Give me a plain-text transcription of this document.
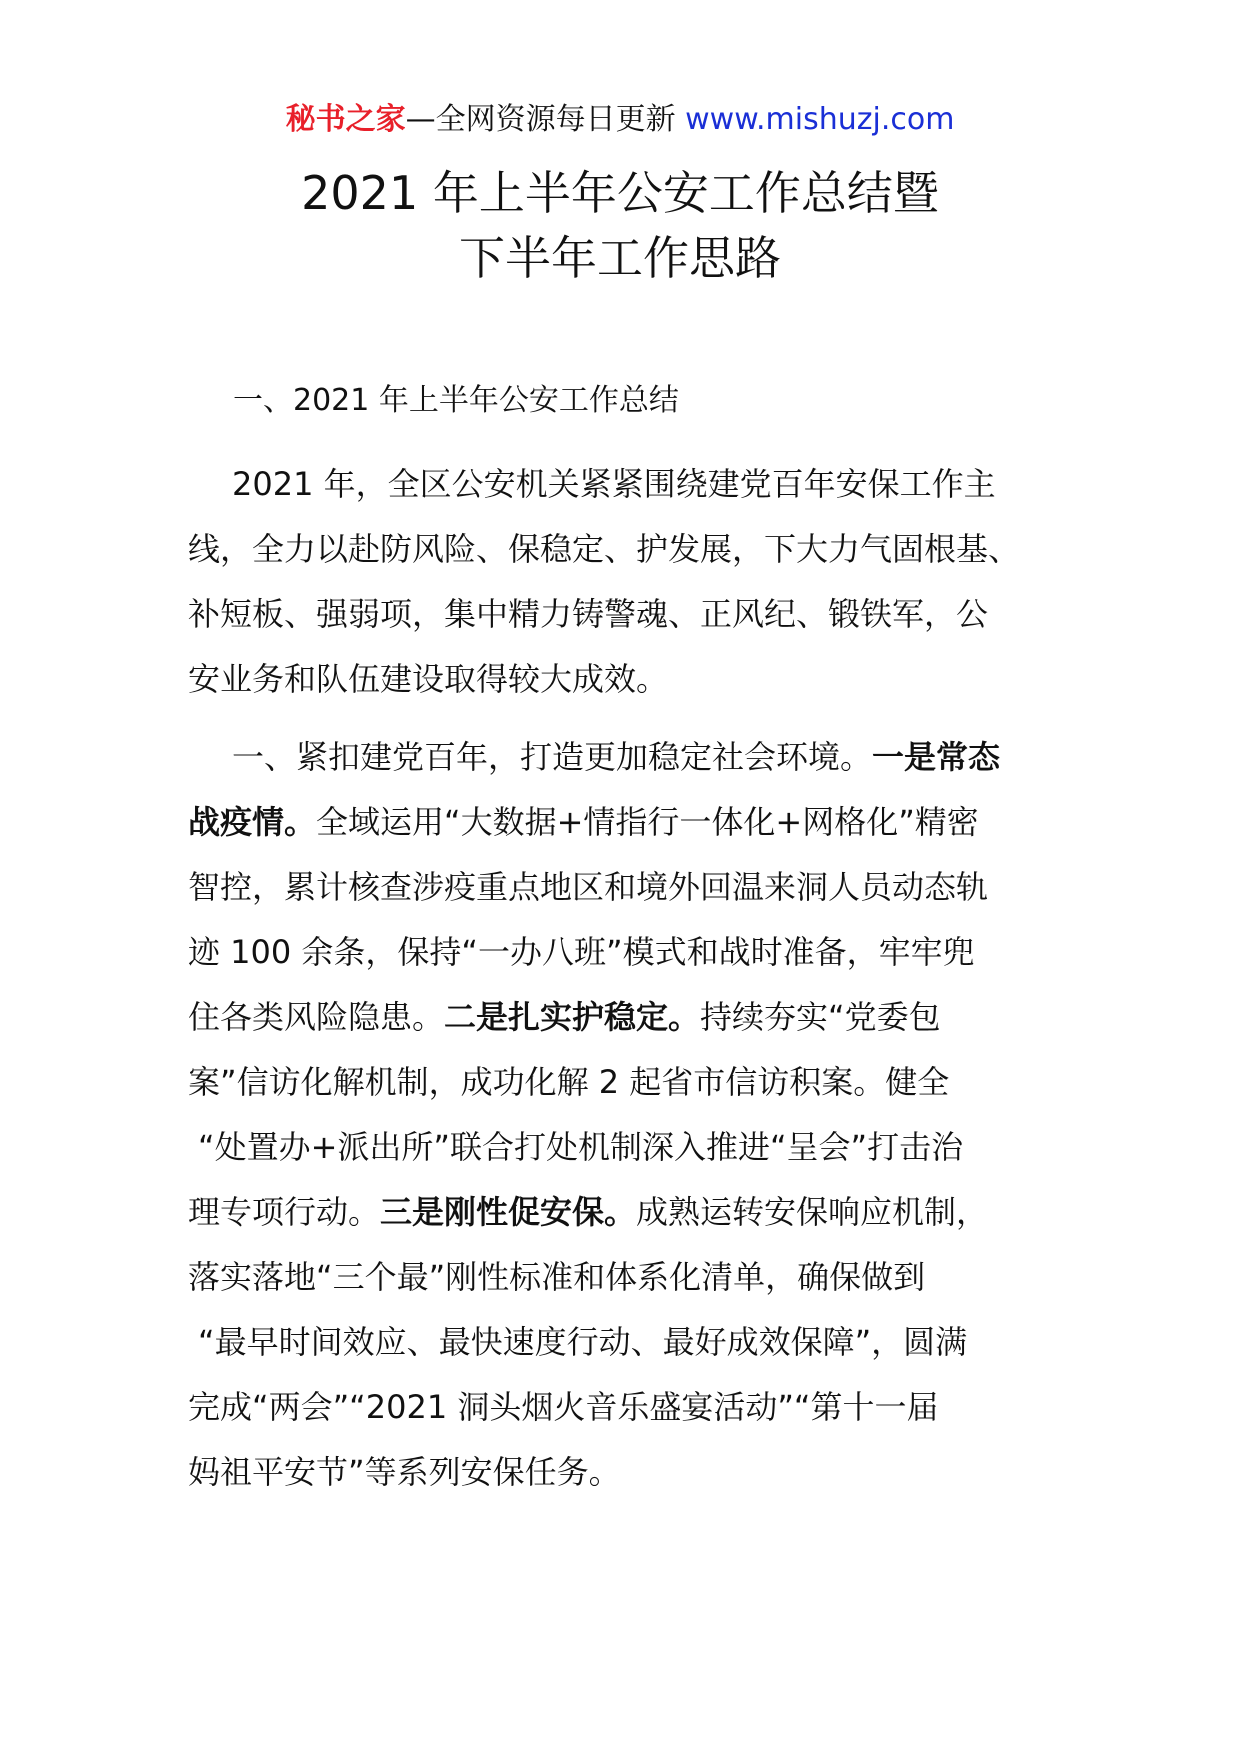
秘书之家—全网资源每日更新 www.mishuzj.com
2021 年上半年公安工作总结暨
下半年工作思路
一、2021 年上半年公安工作总结
2021 年，全区公安机关紧紧围绕建党百年安保工作主
线，全力以赴防风险、保稳定、护发展，下大力气固根基、
补短板、强弱项，集中精力铸警魂、正风纪、锻铁军，公
安业务和队伍建设取得较大成效。
一、紧扣建党百年，打造更加稳定社会环境。一是常态
战疫情。全域运用“大数据+情指行一体化+网格化”精密
智控，累计核查涉疫重点地区和境外回温来洞人员动态轨
迹 100 余条，保持“一办八班”模式和战时准备，牢牢兜
住各类风险隐患。二是扎实护稳定。持续夯实“党委包
案”信访化解机制，成功化解 2 起省市信访积案。健全
“处置办+派出所”联合打处机制深入推进“呈会”打击治
理专项行动。三是刚性促安保。成熟运转安保响应机制，
落实落地“三个最”刚性标准和体系化清单，确保做到
“最早时间效应、最快速度行动、最好成效保障”，圆满
完成“两会”“2021 洞头烟火音乐盛宴活动”“第十一届
妈祖平安节”等系列安保任务。
